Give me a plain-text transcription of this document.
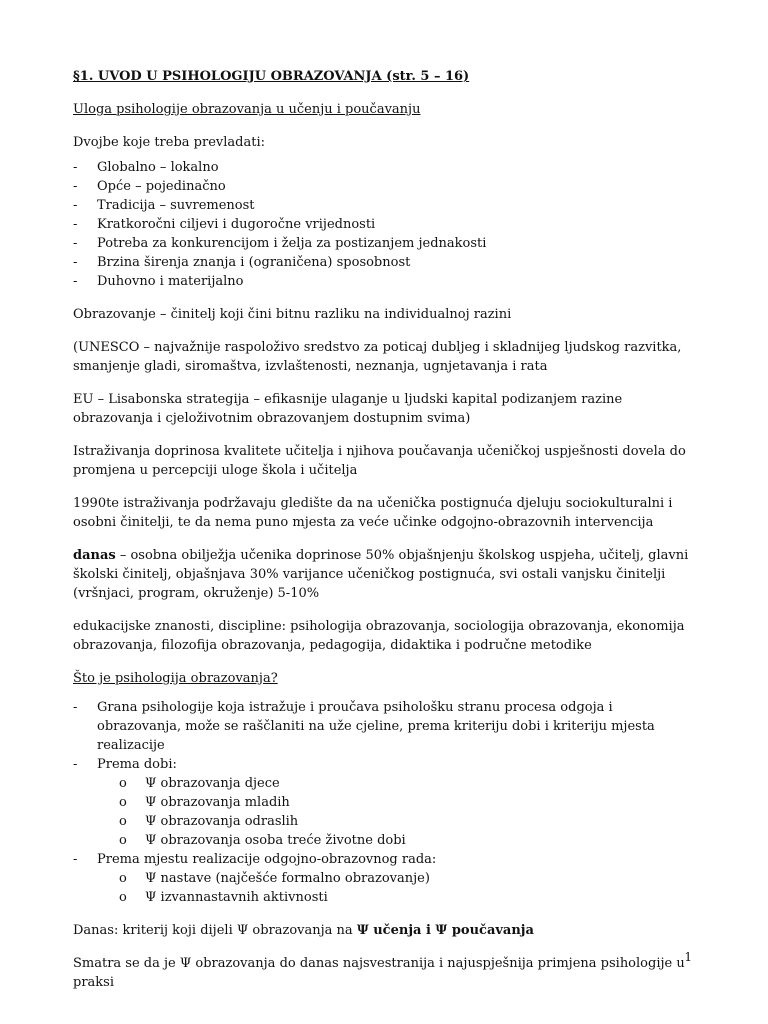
§1. UVOD U PSIHOLOGIJU OBRAZOVANJA (str. 5 – 16)

Uloga psihologije obrazovanja u učenju i poučavanju

Dvojbe koje treba prevladati:

- Globalno – lokalno
- Opće – pojedinačno
- Tradicija – suvremenost
- Kratkoročni ciljevi i dugoročne vrijednosti
- Potreba za konkurencijom i želja za postizanjem jednakosti
- Brzina širenja znanja i (ograničena) sposobnost
- Duhovno i materijalno

Obrazovanje – činitelj koji čini bitnu razliku na individualnoj razini

(UNESCO – najvažnije raspoloživo sredstvo za poticaj dubljeg i skladnijeg ljudskog razvitka, smanjenje gladi, siromaštva, izvlaštenosti, neznanja, ugnjetavanja i rata

EU – Lisabonska strategija – efikasnije ulaganje u ljudski kapital podizanjem razine obrazovanja i cjeloživotnim obrazovanjem dostupnim svima)

Istraživanja doprinosa kvalitete učitelja i njihova poučavanja učeničkoj uspješnosti dovela do promjena u percepciji uloge škola i učitelja

1990te istraživanja podržavaju gledište da na učenička postignuća djeluju sociokulturalni i osobni činitelji, te da nema puno mjesta za veće učinke odgojno-obrazovnih intervencija

danas – osobna obilježja učenika doprinose 50% objašnjenju školskog uspjeha, učitelj, glavni školski činitelj, objašnjava 30% varijance učeničkog postignuća, svi ostali vanjsku činitelji (vršnjaci, program, okruženje) 5-10%

edukacijske znanosti, discipline: psihologija obrazovanja, sociologija obrazovanja, ekonomija obrazovanja, filozofija obrazovanja, pedagogija, didaktika i područne metodike

Što je psihologija obrazovanja?

- Grana psihologije koja istražuje i proučava psihološku stranu procesa odgoja i obrazovanja, može se raščlaniti na uže cjeline, prema kriteriju dobi i kriteriju mjesta realizacije
- Prema dobi:
o Ψ obrazovanja djece
o Ψ obrazovanja mladih
o Ψ obrazovanja odraslih
o Ψ obrazovanja osoba treće životne dobi
- Prema mjestu realizacije odgojno-obrazovnog rada:
o Ψ nastave (najčešće formalno obrazovanje)
o Ψ izvannastavnih aktivnosti

Danas: kriterij koji dijeli Ψ obrazovanja na Ψ učenja i Ψ poučavanja

Smatra se da je Ψ obrazovanja do danas najsvestranija i najuspješnija primjena psihologije u praksi

1
